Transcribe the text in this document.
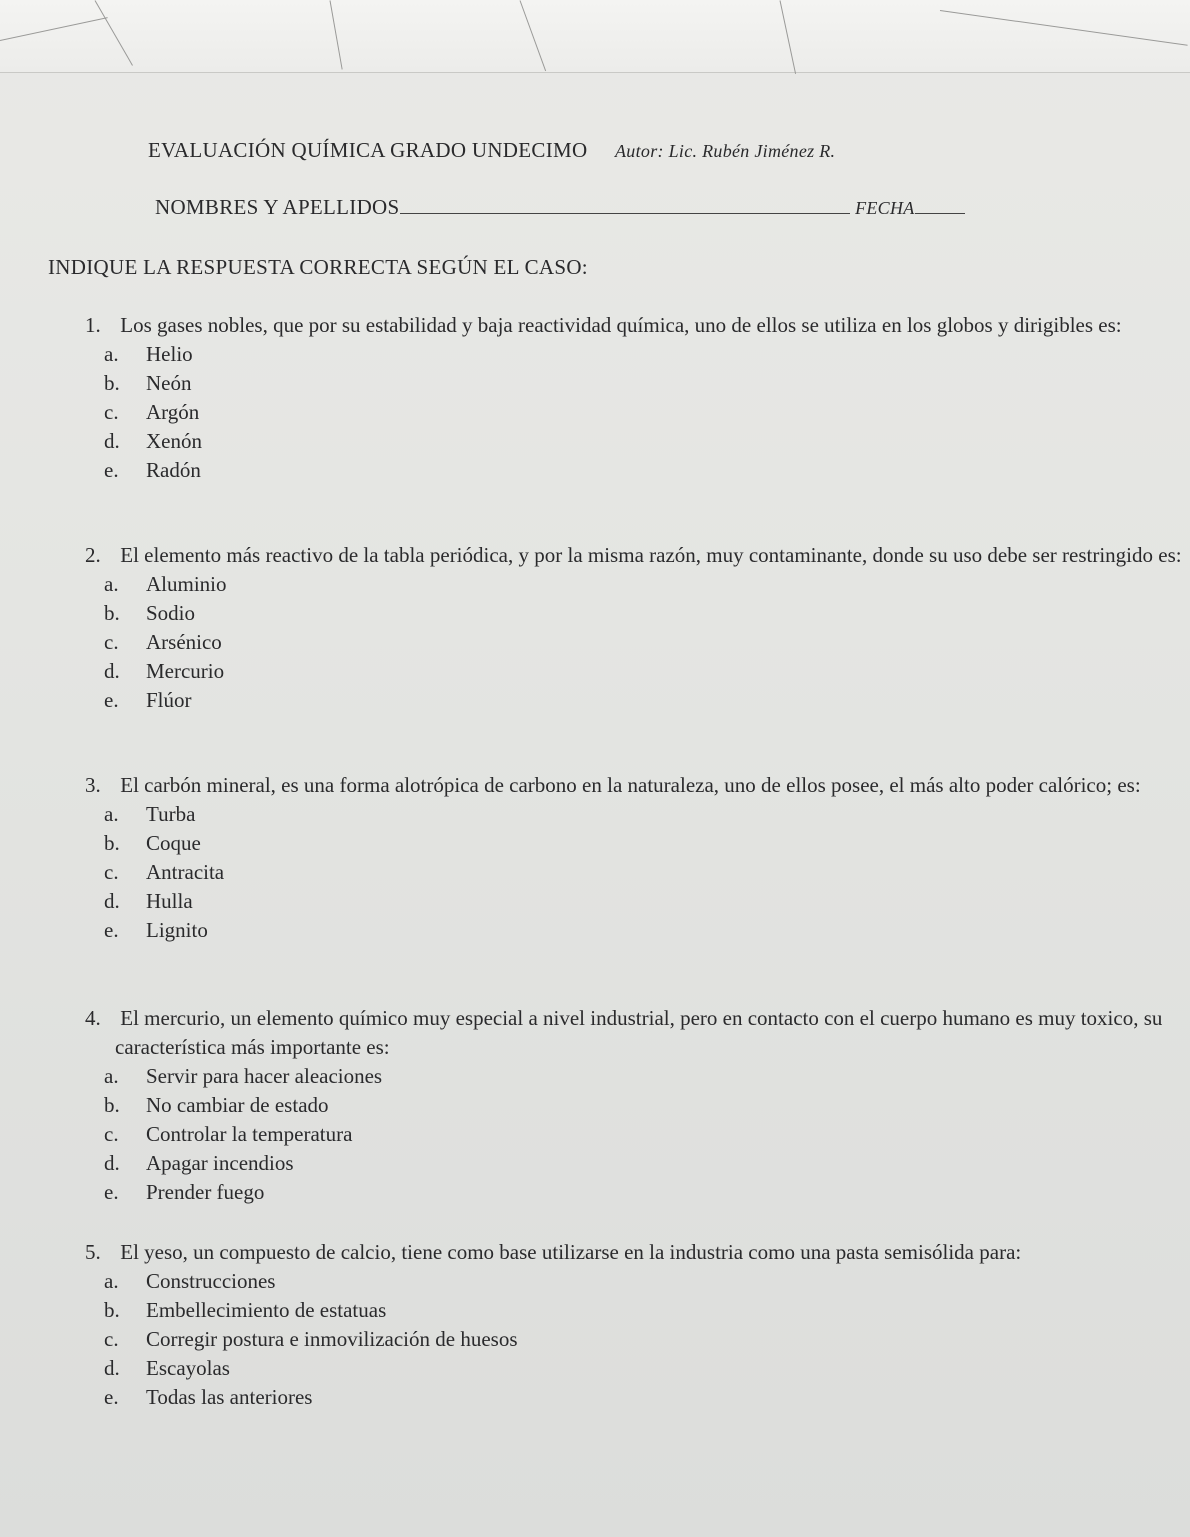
EVALUACIÓN QUÍMICA GRADO UNDECIMO Autor: Lic. Rubén Jiménez R.
NOMBRES Y APELLIDOS	FECHA
INDIQUE LA RESPUESTA CORRECTA SEGÚN EL CASO:
1. Los gases nobles, que por su estabilidad y baja reactividad química, uno de ellos se utiliza en los globos y dirigibles es:
a. Helio
b. Neón
c. Argón
d. Xenón
e. Radón
2. El elemento más reactivo de la tabla periódica, y por la misma razón, muy contaminante, donde su uso debe ser restringido es:
a. Aluminio
b. Sodio
c. Arsénico
d. Mercurio
e. Flúor
3. El carbón mineral, es una forma alotrópica de carbono en la naturaleza, uno de ellos posee, el más alto poder calórico; es:
a. Turba
b. Coque
c. Antracita
d. Hulla
e. Lignito
4. El mercurio, un elemento químico muy especial a nivel industrial, pero en contacto con el cuerpo humano es muy toxico, su característica más importante es:
a. Servir para hacer aleaciones
b. No cambiar de estado
c. Controlar la temperatura
d. Apagar incendios
e. Prender fuego
5. El yeso, un compuesto de calcio, tiene como base utilizarse en la industria como una pasta semisólida para:
a. Construcciones
b. Embellecimiento de estatuas
c. Corregir postura e inmovilización de huesos
d. Escayolas
e. Todas las anteriores
